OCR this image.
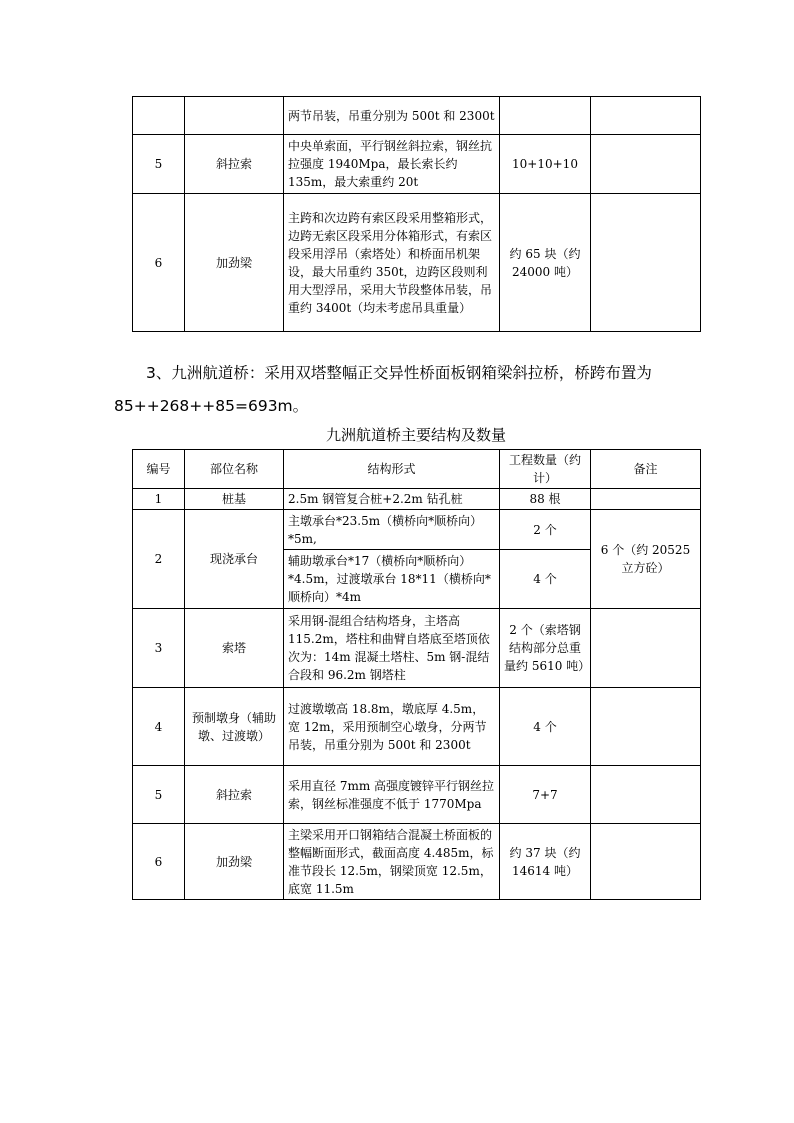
		两节吊装，吊重分别为 500t 和 2300t		
5	斜拉索	中央单索面，平行钢丝斜拉索，钢丝抗拉强度 1940Mpa，最长索长约 135m，最大索重约 20t	10+10+10	
6	加劲梁	主跨和次边跨有索区段采用整箱形式，边跨无索区段采用分体箱形式，有索区段采用浮吊（索塔处）和桥面吊机架设，最大吊重约 350t，边跨区段则利用大型浮吊，采用大节段整体吊装，吊重约 3400t（均未考虑吊具重量）	约 65 块（约 24000 吨）	
3、九洲航道桥：采用双塔整幅正交异性桥面板钢箱梁斜拉桥，桥跨布置为
85++268++85=693m。
九洲航道桥主要结构及数量
编号	部位名称	结构形式	工程数量（约计）	备注
1	桩基	2.5m 钢管复合桩+2.2m 钻孔桩	88 根	
2	现浇承台	主墩承台*23.5m（横桥向*顺桥向）*5m,	2 个	6 个（约 20525 立方砼）
		辅助墩承台*17（横桥向*顺桥向）*4.5m，过渡墩承台 18*11（横桥向*顺桥向）*4m	4 个	
3	索塔	采用钢-混组合结构塔身，主塔高 115.2m，塔柱和曲臂自塔底至塔顶依次为：14m 混凝土塔柱、5m 钢-混结合段和 96.2m 钢塔柱	2 个（索塔钢结构部分总重量约 5610 吨）	
4	预制墩身（辅助墩、过渡墩）	过渡墩墩高 18.8m，墩底厚 4.5m，宽 12m，采用预制空心墩身，分两节吊装，吊重分别为 500t 和 2300t	4 个	
5	斜拉索	采用直径 7mm 高强度镀锌平行钢丝拉索，钢丝标准强度不低于 1770Mpa	7+7	
6	加劲梁	主梁采用开口钢箱结合混凝土桥面板的整幅断面形式，截面高度 4.485m，标准节段长 12.5m，钢梁顶宽 12.5m，底宽 11.5m	约 37 块（约 14614 吨）	
